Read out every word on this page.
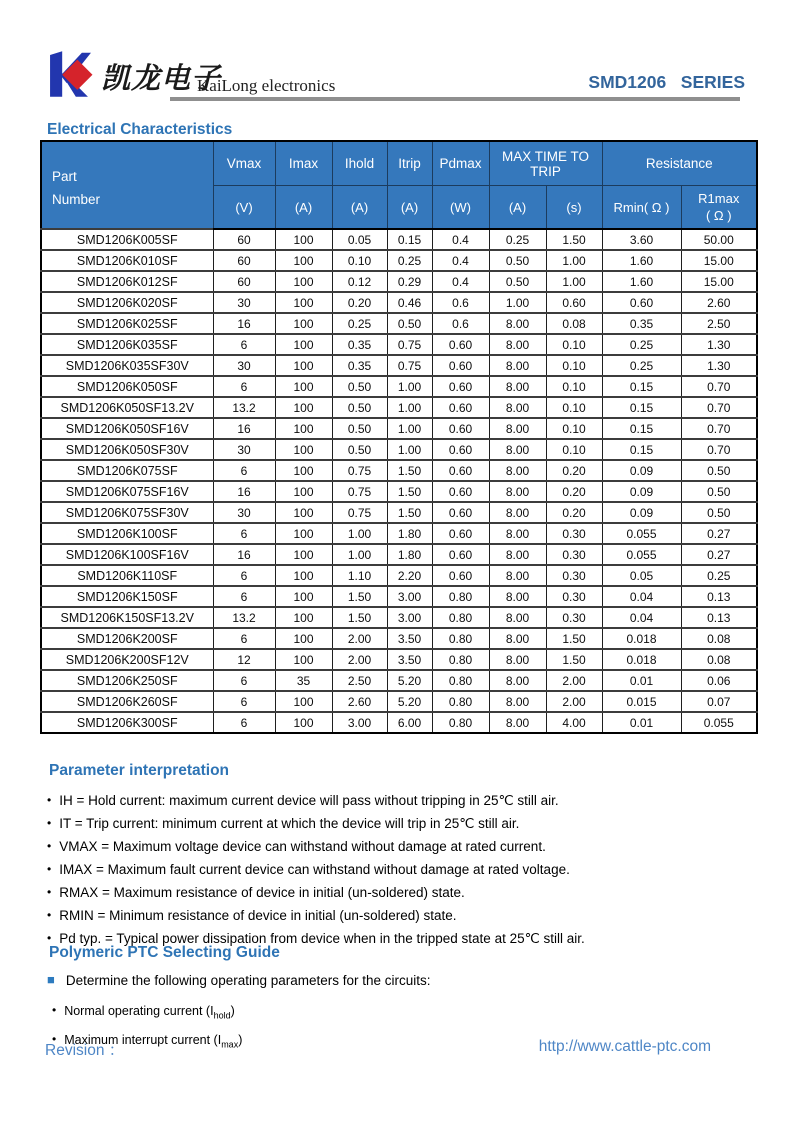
凯龙电子
KaiLong electronics	SMD1206   SERIES
Electrical Characteristics
Part
Number	Vmax	Imax	Ihold	Itrip	Pdmax	MAX TIME TO TRIP		Resistance	
	(V)	(A)	(A)	(A)	(W)	(A)	(s)	Rmin( Ω )	R1max
( Ω )
SMD1206K005SF	60	100	0.05	0.15	0.4	0.25	1.50	3.60	50.00
SMD1206K010SF	60	100	0.10	0.25	0.4	0.50	1.00	1.60	15.00
SMD1206K012SF	60	100	0.12	0.29	0.4	0.50	1.00	1.60	15.00
SMD1206K020SF	30	100	0.20	0.46	0.6	1.00	0.60	0.60	2.60
SMD1206K025SF	16	100	0.25	0.50	0.6	8.00	0.08	0.35	2.50
SMD1206K035SF	6	100	0.35	0.75	0.60	8.00	0.10	0.25	1.30
SMD1206K035SF30V	30	100	0.35	0.75	0.60	8.00	0.10	0.25	1.30
SMD1206K050SF	6	100	0.50	1.00	0.60	8.00	0.10	0.15	0.70
SMD1206K050SF13.2V	13.2	100	0.50	1.00	0.60	8.00	0.10	0.15	0.70
SMD1206K050SF16V	16	100	0.50	1.00	0.60	8.00	0.10	0.15	0.70
SMD1206K050SF30V	30	100	0.50	1.00	0.60	8.00	0.10	0.15	0.70
SMD1206K075SF	6	100	0.75	1.50	0.60	8.00	0.20	0.09	0.50
SMD1206K075SF16V	16	100	0.75	1.50	0.60	8.00	0.20	0.09	0.50
SMD1206K075SF30V	30	100	0.75	1.50	0.60	8.00	0.20	0.09	0.50
SMD1206K100SF	6	100	1.00	1.80	0.60	8.00	0.30	0.055	0.27
SMD1206K100SF16V	16	100	1.00	1.80	0.60	8.00	0.30	0.055	0.27
SMD1206K110SF	6	100	1.10	2.20	0.60	8.00	0.30	0.05	0.25
SMD1206K150SF	6	100	1.50	3.00	0.80	8.00	0.30	0.04	0.13
SMD1206K150SF13.2V	13.2	100	1.50	3.00	0.80	8.00	0.30	0.04	0.13
SMD1206K200SF	6	100	2.00	3.50	0.80	8.00	1.50	0.018	0.08
SMD1206K200SF12V	12	100	2.00	3.50	0.80	8.00	1.50	0.018	0.08
SMD1206K250SF	6	35	2.50	5.20	0.80	8.00	2.00	0.01	0.06
SMD1206K260SF	6	100	2.60	5.20	0.80	8.00	2.00	0.015	0.07
SMD1206K300SF	6	100	3.00	6.00	0.80	8.00	4.00	0.01	0.055
Parameter interpretation
• IH = Hold current: maximum current device will pass without tripping in 25℃ still air.
• IT = Trip current: minimum current at which the device will trip in 25℃ still air.
• VMAX = Maximum voltage device can withstand without damage at rated current.
• IMAX = Maximum fault current device can withstand without damage at rated voltage.
• RMAX = Maximum resistance of device in initial (un-soldered) state.
• RMIN = Minimum resistance of device in initial (un-soldered) state.
• Pd typ. = Typical power dissipation from device when in the tripped state at 25℃ still air.
Polymeric PTC Selecting Guide
■ Determine the following operating parameters for the circuits:
• Normal operating current $(I_{hold})$
• Maximum interrupt current $(I_{max})$
Revision ：	http://www.cattle-ptc.com
